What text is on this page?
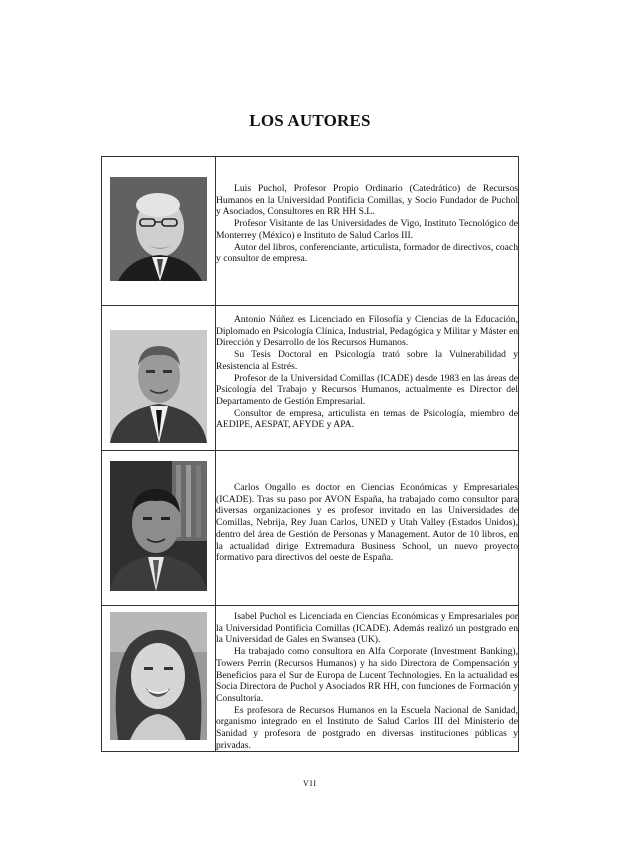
LOS AUTORES

Luis Puchol, Profesor Propio Ordinario (Catedrático) de Recursos Humanos en la Universidad Pontificia Comillas, y Socio Fundador de Puchol y Asociados, Consultores en RR HH S.L.

Profesor Visitante de las Universidades de Vigo, Instituto Tecnológico de Monterrey (México) e Instituto de Salud Carlos III.

Autor del libros, conferenciante, articulista, formador de directivos, coach y consultor de empresa.

Antonio Núñez es Licenciado en Filosofía y Ciencias de la Educación, Diplomado en Psicología Clínica, Industrial, Pedagógica y Militar y Máster en Dirección y Desarrollo de los Recursos Humanos.

Su Tesis Doctoral en Psicología trató sobre la Vulnerabilidad y Resistencia al Estrés.

Profesor de la Universidad Comillas (ICADE) desde 1983 en las áreas de Psicología del Trabajo y Recursos Humanos, actualmente es Director del Departamento de Gestión Empresarial.

Consultor de empresa, articulista en temas de Psicología, miembro de AEDIPE, AESPAT, AFYDE y APA.

Carlos Ongallo es doctor en Ciencias Económicas y Empresariales (ICADE). Tras su paso por AVON España, ha trabajado como consultor para diversas organizaciones y es profesor invitado en las Universidades de Comillas, Nebrija, Rey Juan Carlos, UNED y Utah Valley (Estados Unidos), dentro del área de Gestión de Personas y Management. Autor de 10 libros, en la actualidad dirige Extremadura Business School, un nuevo proyecto formativo para directivos del oeste de España.

Isabel Puchol es Licenciada en Ciencias Económicas y Empresariales por la Universidad Pontificia Comillas (ICADE). Además realizó un postgrado en la Universidad de Gales en Swansea (UK).

Ha trabajado como consultora en Alfa Corporate (Investment Banking), Towers Perrin (Recursos Humanos) y ha sido Directora de Compensación y Beneficios para el Sur de Europa de Lucent Technologies. En la actualidad es Socia Directora de Puchol y Asociados RR HH, con funciones de Formación y Consultoría.

Es profesora de Recursos Humanos en la Escuela Nacional de Sanidad, organismo integrado en el Instituto de Salud Carlos III del Ministerio de Sanidad y profesora de postgrado en diversas instituciones públicas y privadas.

VII
